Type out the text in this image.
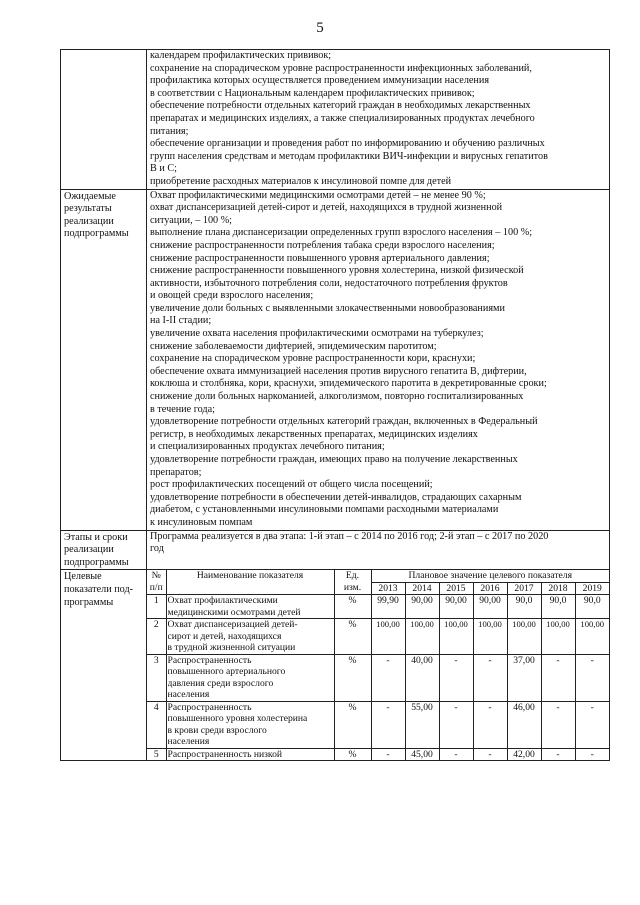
5

календарем профилактических прививок;
сохранение на спорадическом уровне распространенности инфекционных заболеваний,
профилактика которых осуществляется проведением иммунизации населения
в соответствии с Национальным календарем профилактических прививок;
обеспечение потребности отдельных категорий граждан в необходимых лекарственных
препаратах и медицинских изделиях, а также специализированных продуктах лечебного
питания;
обеспечение организации и проведения работ по информированию и обучению различных
групп населения средствам и методам профилактики ВИЧ-инфекции и вирусных гепатитов
В и С;
приобретение расходных материалов к инсулиновой помпе для детей

Ожидаемые
результаты
реализации
подпрограммы

Охват профилактическими медицинскими осмотрами детей – не менее 90 %;
охват диспансеризацией детей-сирот и детей, находящихся в трудной жизненной
ситуации, – 100 %;
выполнение плана диспансеризации определенных групп взрослого населения – 100 %;
снижение распространенности потребления табака среди взрослого населения;
снижение распространенности повышенного уровня артериального давления;
снижение распространенности повышенного уровня холестерина, низкой физической
активности, избыточного потребления соли, недостаточного потребления фруктов
и овощей среди взрослого населения;
увеличение доли больных с выявленными злокачественными новообразованиями
на I-II стадии;
увеличение охвата населения профилактическими осмотрами на туберкулез;
снижение заболеваемости дифтерией, эпидемическим паротитом;
сохранение на спорадическом уровне распространенности кори, краснухи;
обеспечение охвата иммунизацией населения против вирусного гепатита В, дифтерии,
коклюша и столбняка, кори, краснухи, эпидемического паротита в декретированные сроки;
снижение доли больных наркоманией, алкоголизмом, повторно госпитализированных
в течение года;
удовлетворение потребности отдельных категорий граждан, включенных в Федеральный
регистр, в необходимых лекарственных препаратах, медицинских изделиях
и специализированных продуктах лечебного питания;
удовлетворение потребности граждан, имеющих право на получение лекарственных
препаратов;
рост профилактических посещений от общего числа посещений;
удовлетворение потребности в обеспечении детей-инвалидов, страдающих сахарным
диабетом, с установленными инсулиновыми помпами расходными материалами
к инсулиновым помпам

Этапы и сроки
реализации
подпрограммы

Программа реализуется в два этапа: 1-й этап – с 2014 по 2016 год; 2-й этап – с 2017 по 2020
год

Целевые
показатели под-
программы

№
п/п
	Наименование показателя	Ед.
изм.
	Плановое значение целевого показателя
2013	2014	2015	2016	2017	2018	2019
1	Охват профилактическими
медицинскими осмотрами детей
	%	99,90	90,00	90,00	90,00	90,0	90,0	90,0
2	Охват диспансеризацией детей-
сирот и детей, находящихся
в трудной жизненной ситуации
	%	100,00	100,00	100,00	100,00	100,00	100,00	100,00
3	Распространенность
повышенного артериального
давления среди взрослого
населения
	%	-	40,00	-	-	37,00	-	-
4	Распространенность
повышенного уровня холестерина
в крови среди взрослого
населения
	%	-	55,00	-	-	46,00	-	-
5	Распространенность низкой	%	-	45,00	-	-	42,00	-	-
